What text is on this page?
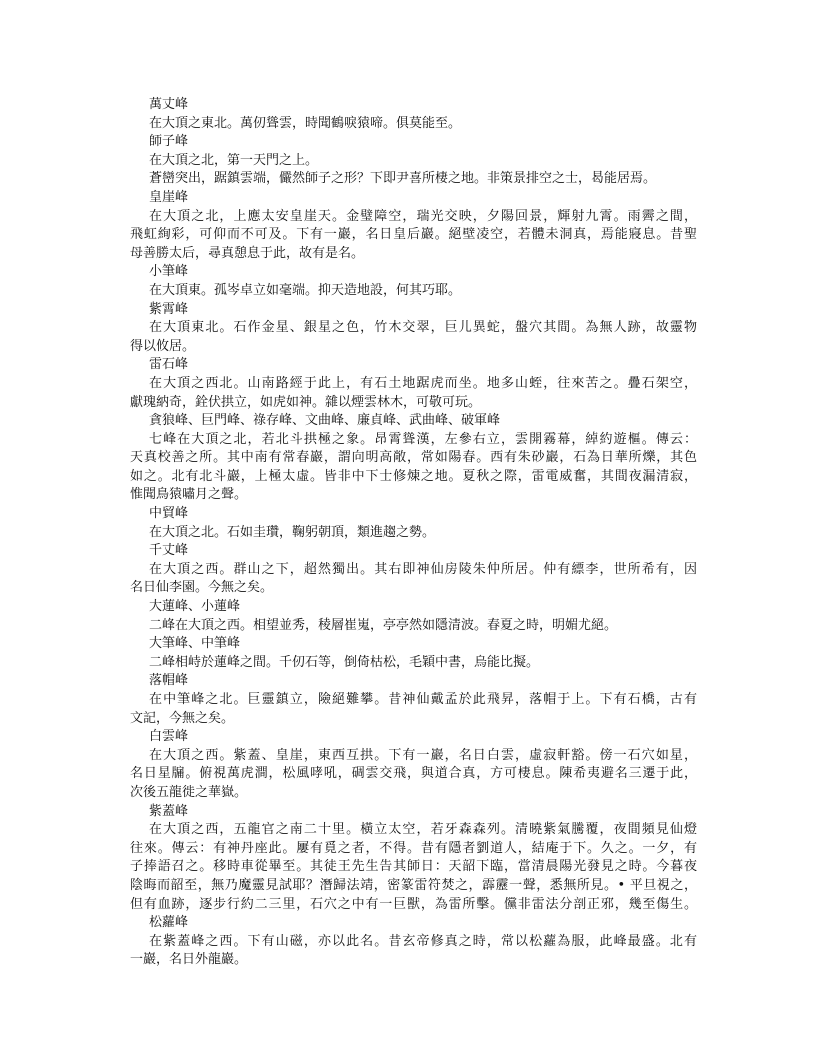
萬丈峰

在大頂之東北。萬仞聳雲，時聞鶴唳猿啼。俱莫能至。

師子峰

在大頂之北，第一天門之上。

蒼巒突出，踞鎮雲端，儼然師子之形？下即尹喜所棲之地。非策景排空之士，曷能居焉。

皇崖峰

在大頂之北，上應太安皇崖天。金璧障空，瑞光交映，夕陽回景，輝射九霄。雨霽之間，

飛虹絢彩，可仰而不可及。下有一巖，名日皇后巖。絕壁凌空，若體未洞真，焉能寢息。昔聖

母善勝太后，尋真憩息于此，故有是名。

小筆峰

在大頂東。孤岑卓立如毫端。抑天造地設，何其巧耶。

紫霄峰

在大頂東北。石作金星、銀星之色，竹木交翠，巨儿異蛇，盤穴其間。為無人跡，故靈物

得以攸居。

雷石峰

在大頂之西北。山南路經于此上，有石土地踞虎而坐。地多山蛭，往來苦之。疊石架空，

獻瑰納奇，銓伏拱立，如虎如神。雜以煙雲林木，可敬可玩。

貪狼峰、巨門峰、祿存峰、文曲峰、廉貞峰、武曲峰、破軍峰

七峰在大頂之北，若北斗拱極之象。昂霄聳漢，左參右立，雲開霧幕，綽約遊樞。傳云：

天真校善之所。其中南有常春巖，謂向明高敞，常如陽春。西有朱砂巖，石為日華所爍，其色

如之。北有北斗巖，上極太虛。皆非中下士修煉之地。夏秋之際，雷電威奮，其間夜漏清寂，

惟聞鳥猿嘯月之聲。

中貿峰

在大頂之北。石如圭瓚，鞠躬朝頂，類進趨之勢。

千丈峰

在大頂之西。群山之下，超然獨出。其右即神仙房陵朱仲所居。仲有縹李，世所希有，因

名日仙李園。今無之矣。

大蓮峰、小蓮峰

二峰在大頂之西。相望並秀，稜層崔嵬，亭亭然如隱清波。春夏之時，明媚尤絕。

大筆峰、中筆峰

二峰相峙於蓮峰之間。千仞石等，倒倚枯松，毛穎中書，烏能比擬。

落帽峰

在中筆峰之北。巨靈鎮立，險絕難攀。昔神仙戴孟於此飛昇，落帽于上。下有石橋，古有

文記，今無之矣。

白雲峰

在大頂之西。紫蓋、皇崖，東西互拱。下有一巖，名日白雲，虛寂軒豁。傍一石穴如星，

名日星牖。俯視萬虎澗，松風哮吼，碉雲交飛，與道合真，方可棲息。陳希夷避名三遷于此，

次後五龍徙之華嶽。

紫蓋峰

在大頂之西，五龍官之南二十里。橫立太空，若牙森森列。清曉紫氣騰覆，夜間頻見仙燈

往來。傳云：有神丹座此。屢有覓之者，不得。昔有隱者劉道人，結庵于下。久之。一夕，有

子捧語召之。移時車從畢至。其徒王先生告其師日：天韶下臨，當清晨陽光發見之時。今暮夜

陰晦而韶至，無乃魔靈見試耶？潛歸法靖，密篆雷符焚之，霹靂一聲，悉無所見。• 平旦視之，

但有血跡，逐步行約二三里，石穴之中有一巨獸，為雷所擊。儻非雷法分剖正邪，幾至傷生。

松蘿峰

在紫蓋峰之西。下有山磁，亦以此名。昔玄帝修真之時，常以松蘿為服，此峰最盛。北有

一巖，名日外龍巖。
